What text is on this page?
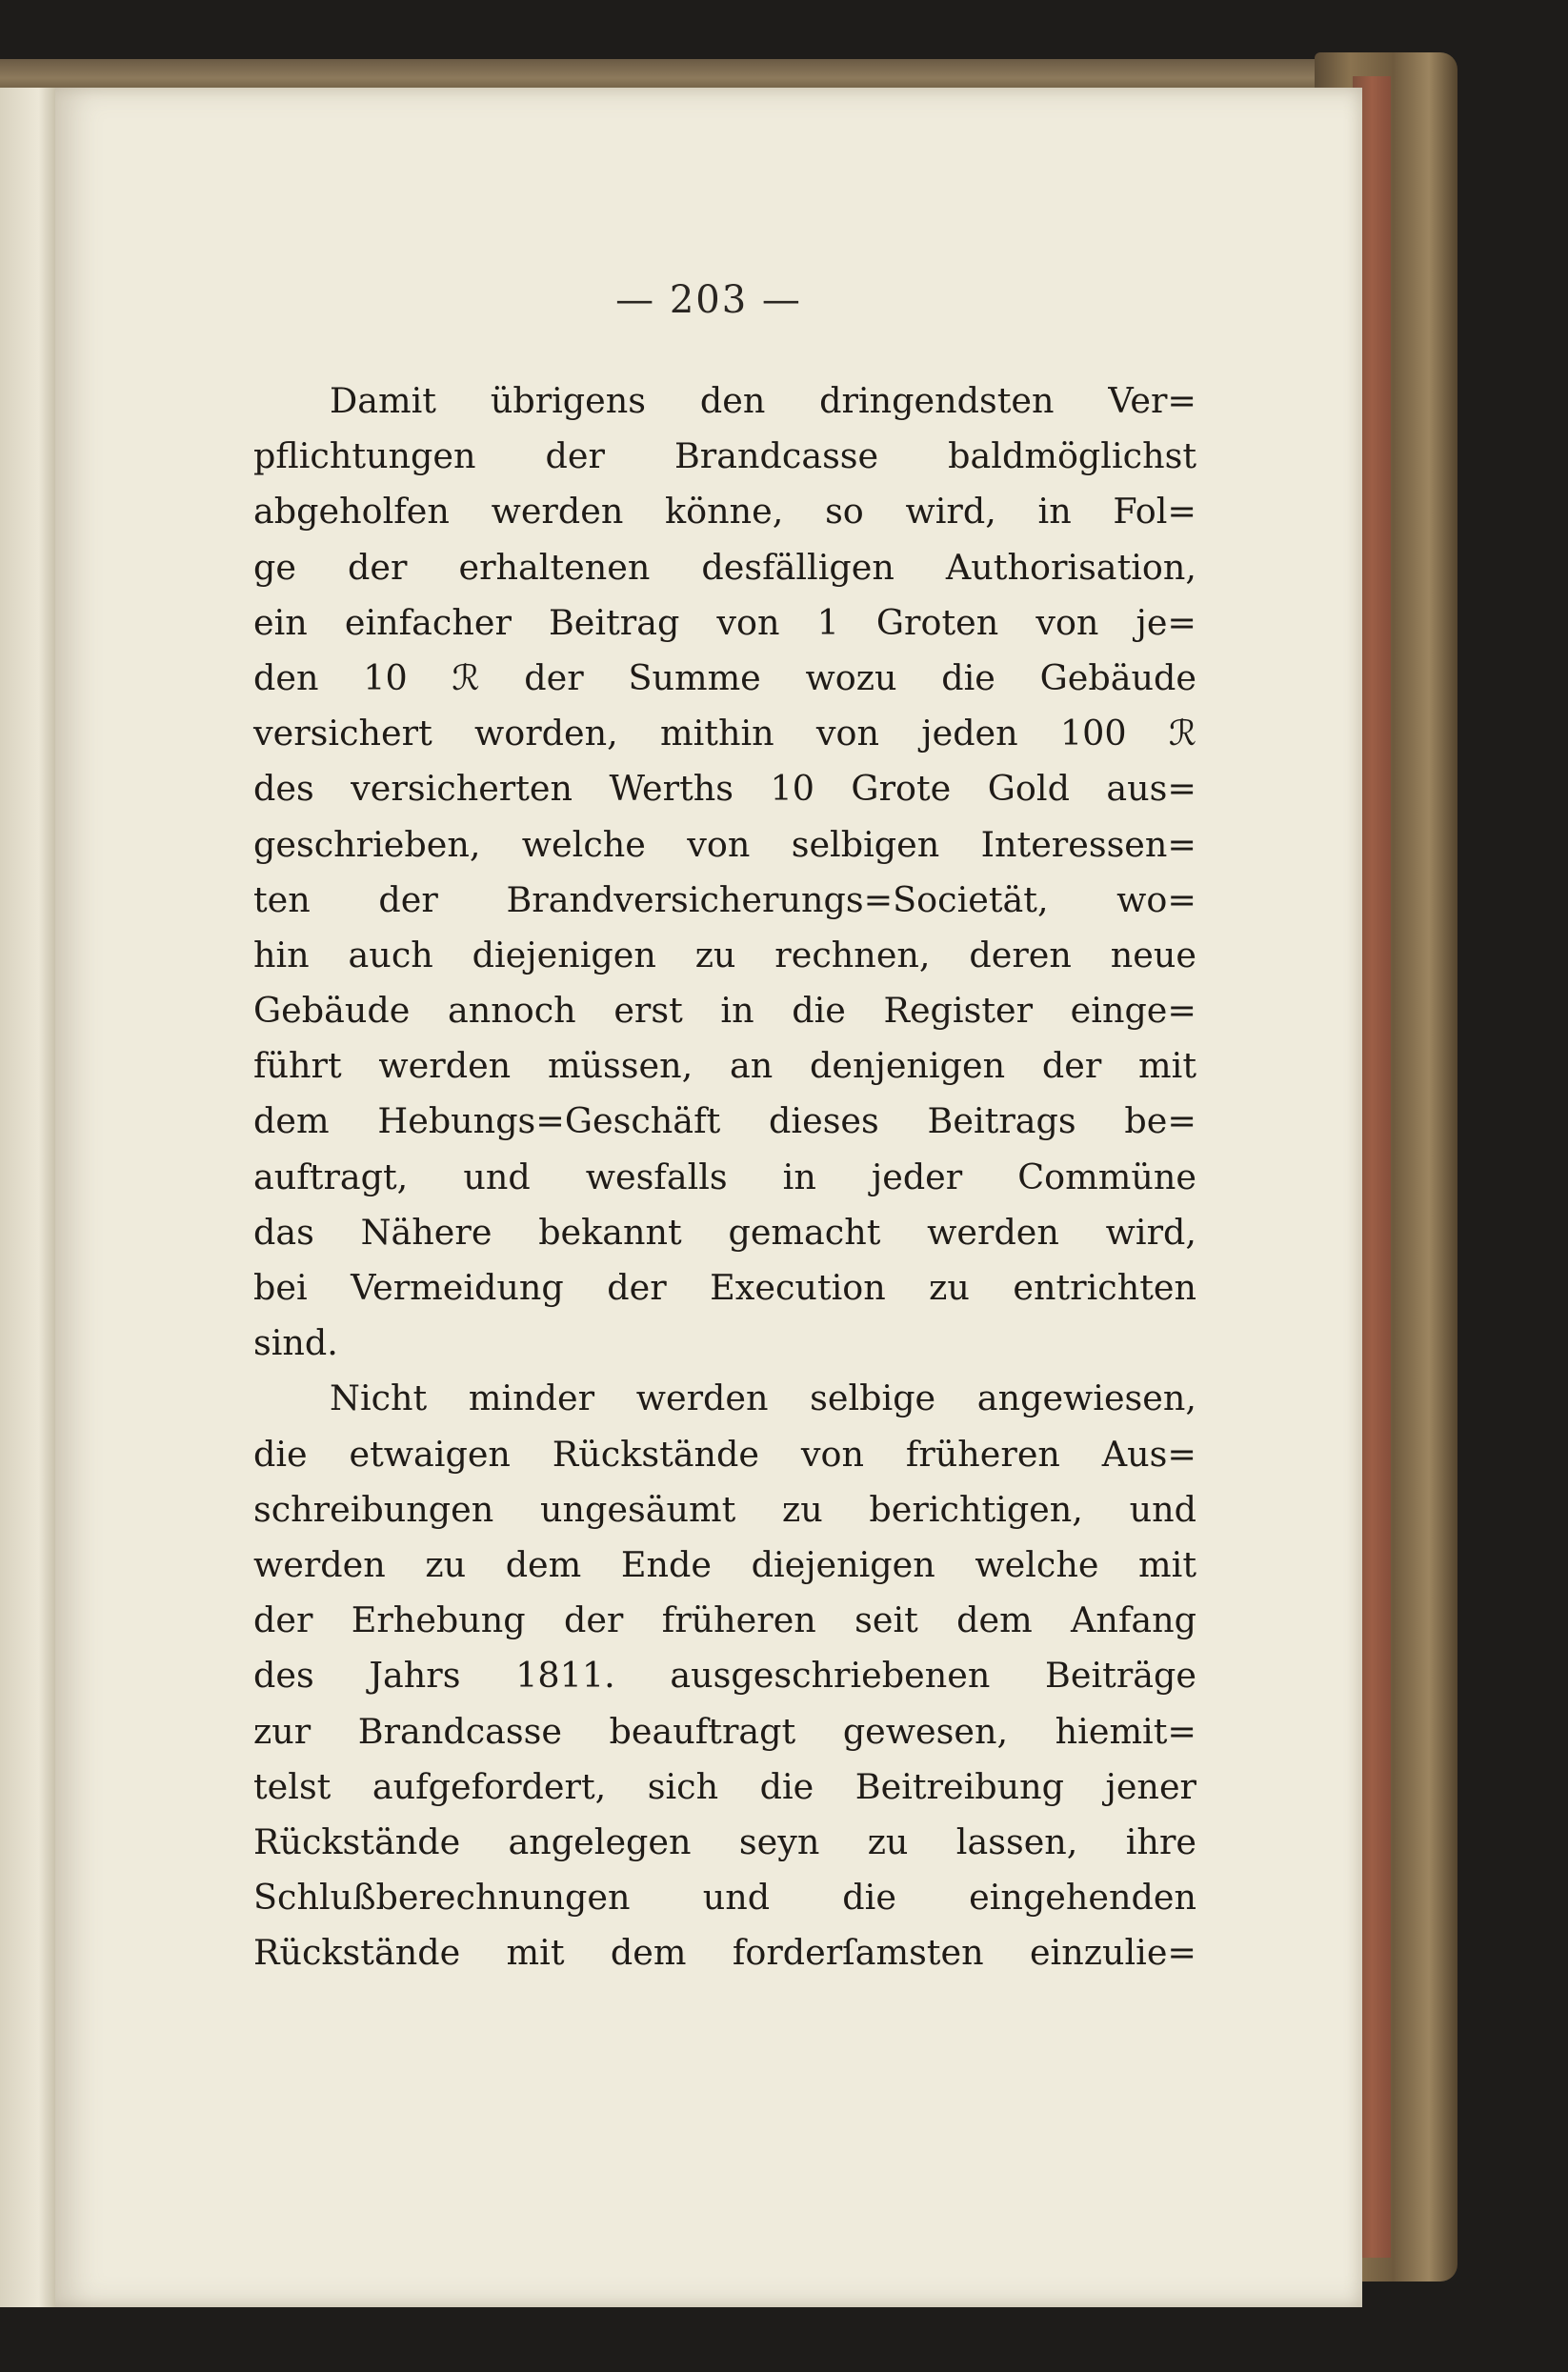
— 203 —
Damit übrigens den dringendsten Ver=
pflichtungen der Brandcasse baldmöglichst
abgeholfen werden könne, so wird, in Fol=
ge der erhaltenen desfälligen Authorisation,
ein einfacher Beitrag von 1 Groten von je=
den 10 ℛ der Summe wozu die Gebäude
versichert worden, mithin von jeden 100 ℛ
des versicherten Werths 10 Grote Gold aus=
geschrieben, welche von selbigen Interessen=
ten der Brandversicherungs=Societät, wo=
hin auch diejenigen zu rechnen, deren neue
Gebäude annoch erst in die Register einge=
führt werden müssen, an denjenigen der mit
dem Hebungs=Geschäft dieses Beitrags be=
auftragt, und wesfalls in jeder Commüne
das Nähere bekannt gemacht werden wird,
bei Vermeidung der Execution zu entrichten
sind.
Nicht minder werden selbige angewiesen,
die etwaigen Rückstände von früheren Aus=
schreibungen ungesäumt zu berichtigen, und
werden zu dem Ende diejenigen welche mit
der Erhebung der früheren seit dem Anfang
des Jahrs 1811. ausgeschriebenen Beiträge
zur Brandcasse beauftragt gewesen, hiemit=
telst aufgefordert, sich die Beitreibung jener
Rückstände angelegen seyn zu lassen, ihre
Schlußberechnungen und die eingehenden
Rückstände mit dem forderſamsten einzulie=
